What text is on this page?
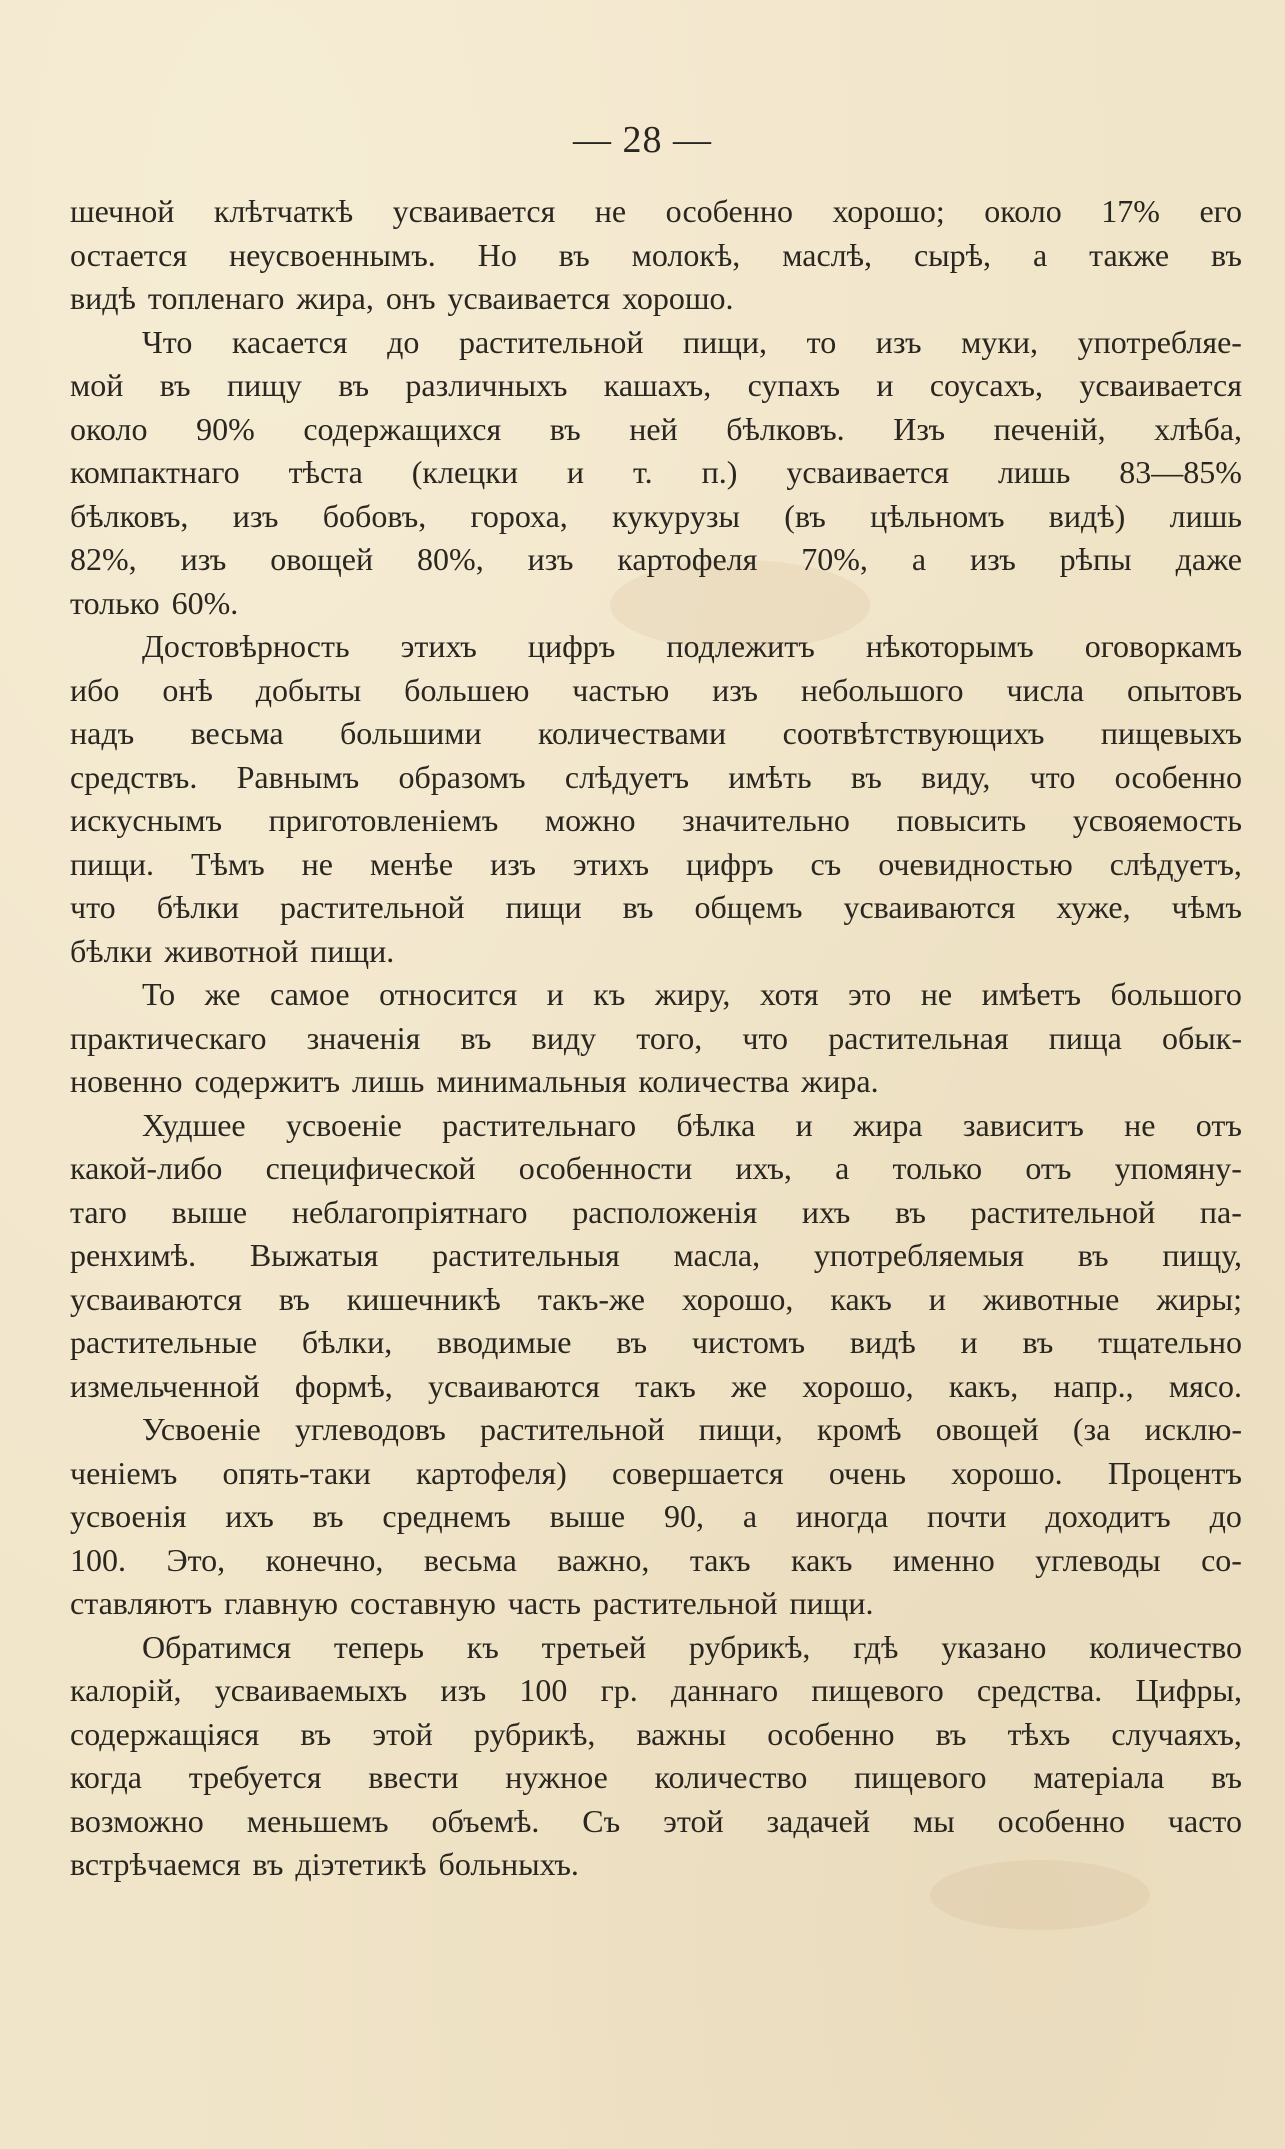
— 28 —
шечной клѣтчаткѣ усваивается не особенно хорошо; около 17% его
остается неусвоеннымъ. Но въ молокѣ, маслѣ, сырѣ, а также въ
видѣ топленаго жира, онъ усваивается хорошо.
Что касается до растительной пищи, то изъ муки, употребляе-
мой въ пищу въ различныхъ кашахъ, супахъ и соусахъ, усваивается
около 90% содержащихся въ ней бѣлковъ. Изъ печеній, хлѣба,
компактнаго тѣста (клецки и т. п.) усваивается лишь 83—85%
бѣлковъ, изъ бобовъ, гороха, кукурузы (въ цѣльномъ видѣ) лишь
82%, изъ овощей 80%, изъ картофеля 70%, а изъ рѣпы даже
только 60%.
Достовѣрность этихъ цифръ подлежитъ нѣкоторымъ оговоркамъ
ибо онѣ добыты большею частью изъ небольшого числа опытовъ
надъ весьма большими количествами соотвѣтствующихъ пищевыхъ
средствъ. Равнымъ образомъ слѣдуетъ имѣть въ виду, что особенно
искуснымъ приготовленіемъ можно значительно повысить усвояемость
пищи. Тѣмъ не менѣе изъ этихъ цифръ съ очевидностью слѣдуетъ,
что бѣлки растительной пищи въ общемъ усваиваются хуже, чѣмъ
бѣлки животной пищи.
То же самое относится и къ жиру, хотя это не имѣетъ большого
практическаго значенія въ виду того, что растительная пища обык-
новенно содержитъ лишь минимальныя количества жира.
Худшее усвоеніе растительнаго бѣлка и жира зависитъ не отъ
какой-либо специфической особенности ихъ, а только отъ упомяну-
таго выше неблагопріятнаго расположенія ихъ въ растительной па-
ренхимѣ. Выжатыя растительныя масла, употребляемыя въ пищу,
усваиваются въ кишечникѣ такъ-же хорошо, какъ и животные жиры;
растительные бѣлки, вводимые въ чистомъ видѣ и въ тщательно
измельченной формѣ, усваиваются такъ же хорошо, какъ, напр., мясо.
Усвоеніе углеводовъ растительной пищи, кромѣ овощей (за исклю-
ченіемъ опять-таки картофеля) совершается очень хорошо. Процентъ
усвоенія ихъ въ среднемъ выше 90, а иногда почти доходитъ до
100. Это, конечно, весьма важно, такъ какъ именно углеводы со-
ставляютъ главную составную часть растительной пищи.
Обратимся теперь къ третьей рубрикѣ, гдѣ указано количество
калорій, усваиваемыхъ изъ 100 гр. даннаго пищевого средства. Цифры,
содержащіяся въ этой рубрикѣ, важны особенно въ тѣхъ случаяхъ,
когда требуется ввести нужное количество пищевого матеріала въ
возможно меньшемъ объемѣ. Съ этой задачей мы особенно часто
встрѣчаемся въ діэтетикѣ больныхъ.
